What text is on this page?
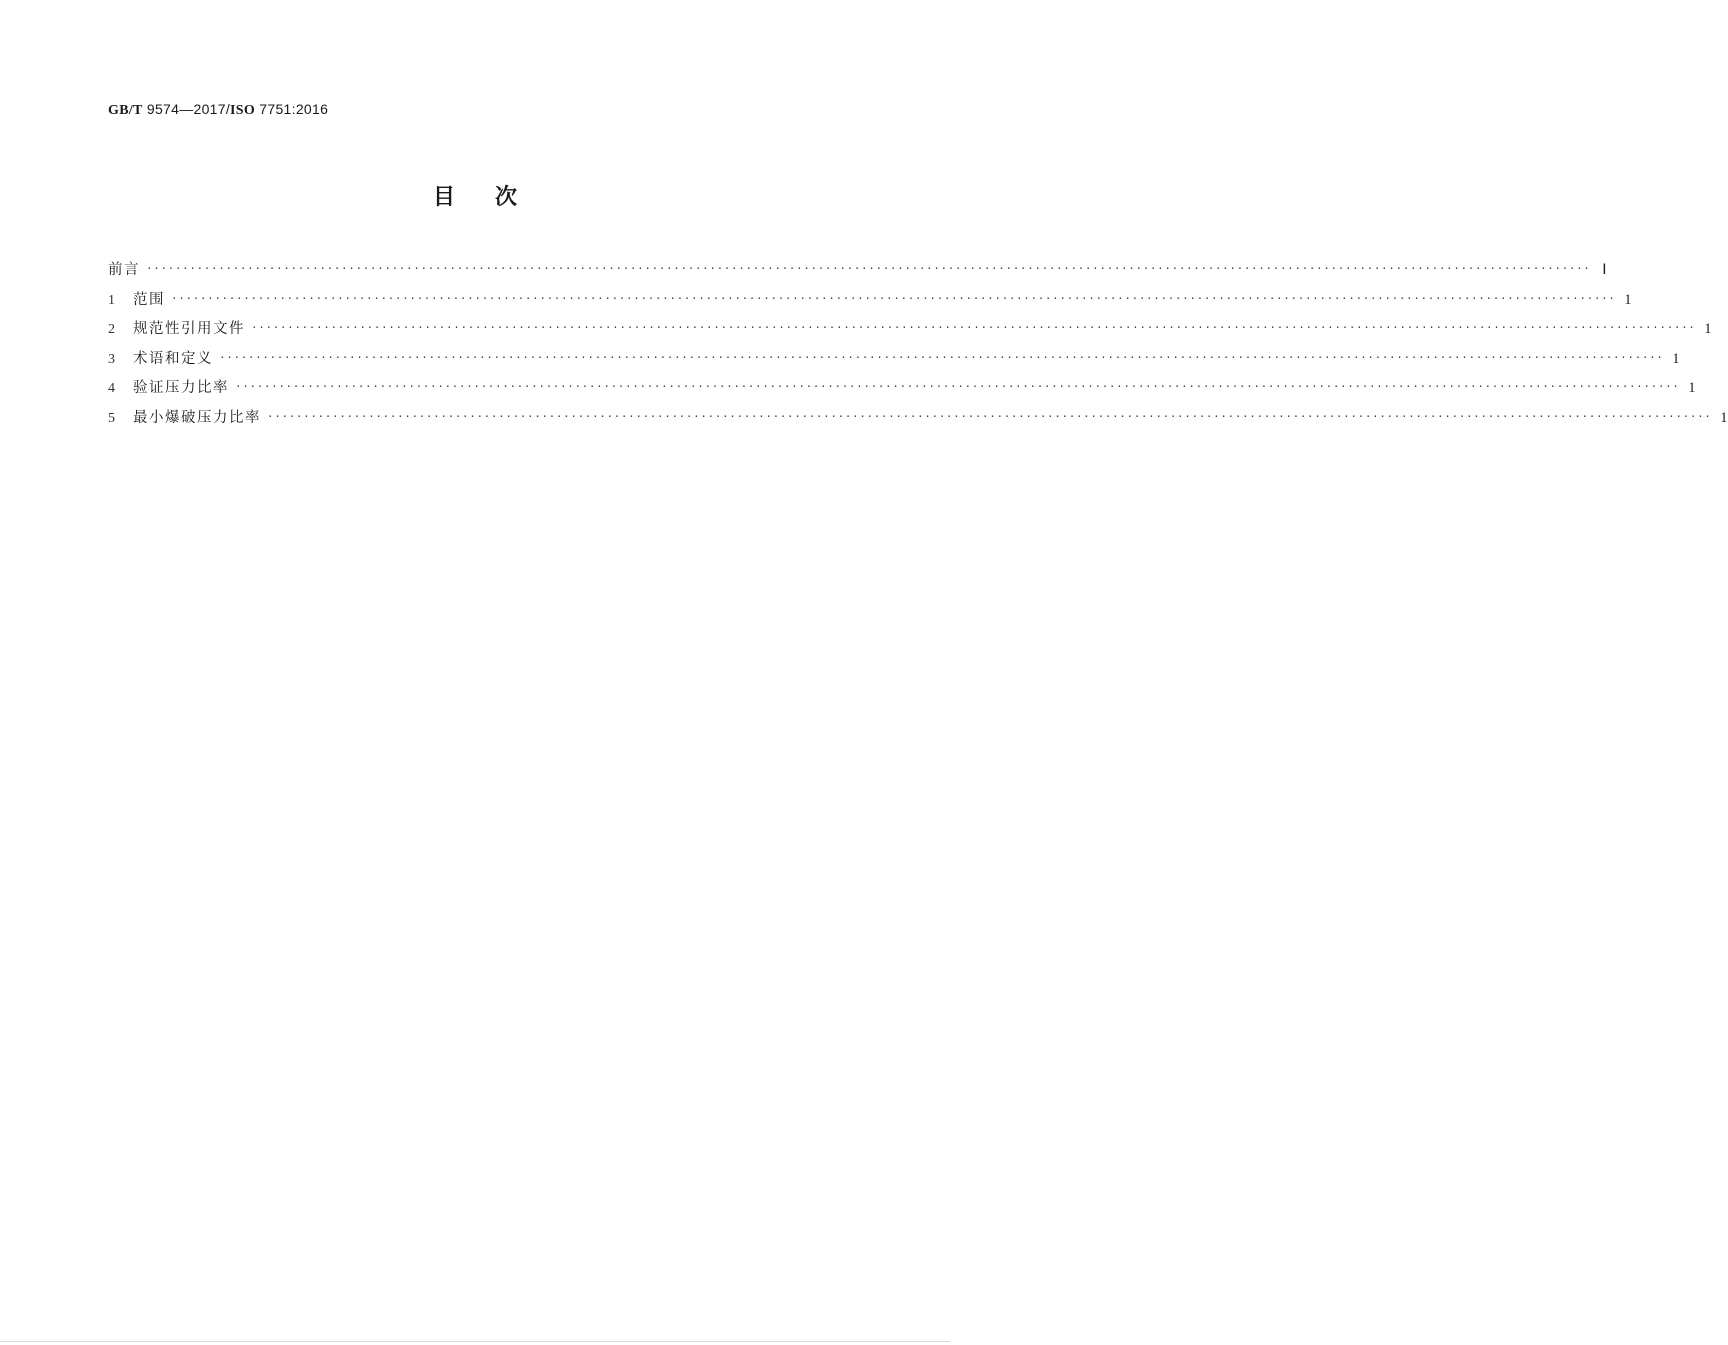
GB/T 9574—2017/ISO 7751:2016
目次
前言 ········································································································································································································ Ⅰ
1	范围 ········································································································································································································ 1
2	规范性引用文件 ········································································································································································································ 1
3	术语和定义 ········································································································································································································ 1
4	验证压力比率 ········································································································································································································ 1
5	最小爆破压力比率 ········································································································································································································ 1
